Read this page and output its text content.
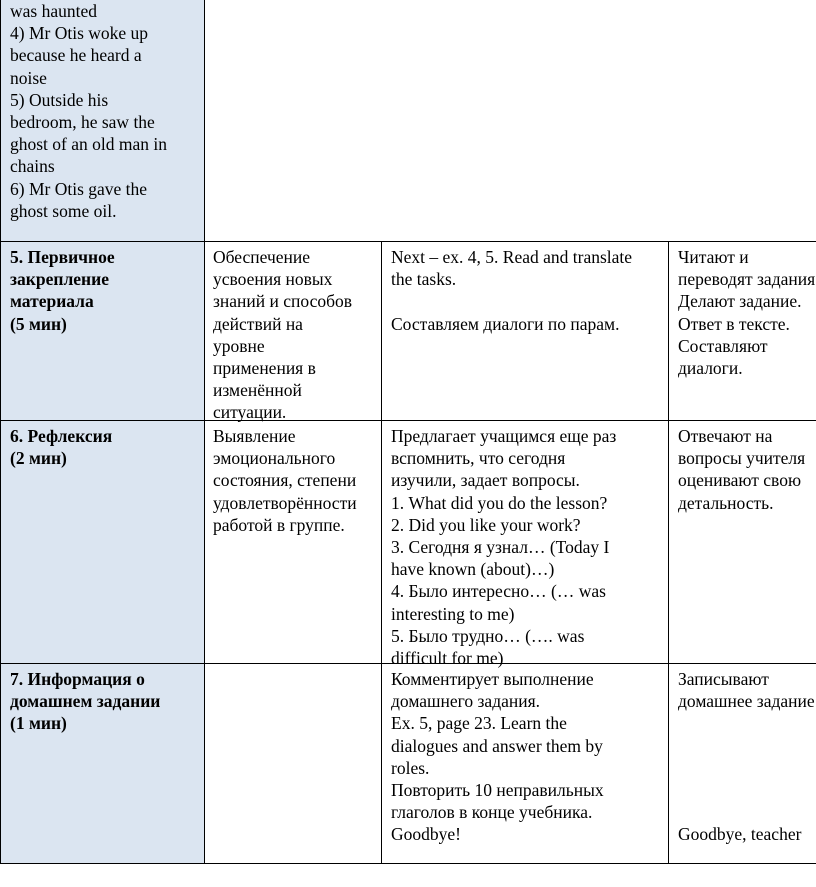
was haunted
4) Mr Otis woke up
because he heard a
noise
5) Outside his
bedroom, he saw the
ghost of an old man in
chains
6) Mr Otis gave the
ghost some oil.
5. Первичное
закрепление
материала
(5 мин)
Обеспечение
усвоения новых
знаний и способов
действий на
уровне
применения в
изменённой
ситуации.
Next – ex. 4, 5. Read and translate
the tasks.

Составляем диалоги по парам.
Читают и
переводят задания
Делают задание.
Ответ в тексте.
Составляют
диалоги.
6. Рефлексия
(2 мин)
Выявление
эмоционального
состояния, степени
удовлетворённости
работой в группе.
Предлагает учащимся еще раз
вспомнить, что сегодня
изучили, задает вопросы.
1. What did you do the lesson?
2. Did you like your work?
3. Сегодня я узнал… (Today I
have known (about)…)
4. Было интересно… (… was
interesting to me)
5. Было трудно… (…. was
difficult for me)
Отвечают на
вопросы учителя
оценивают свою
детальность.
7. Информация о
домашнем задании
(1 мин)
Комментирует выполнение
домашнего задания.
Ex. 5, page 23. Learn the
dialogues and answer them by
roles.
Повторить 10 неправильных
глаголов в конце учебника.
Goodbye!
Записывают
домашнее задание
Goodbye, teacher
